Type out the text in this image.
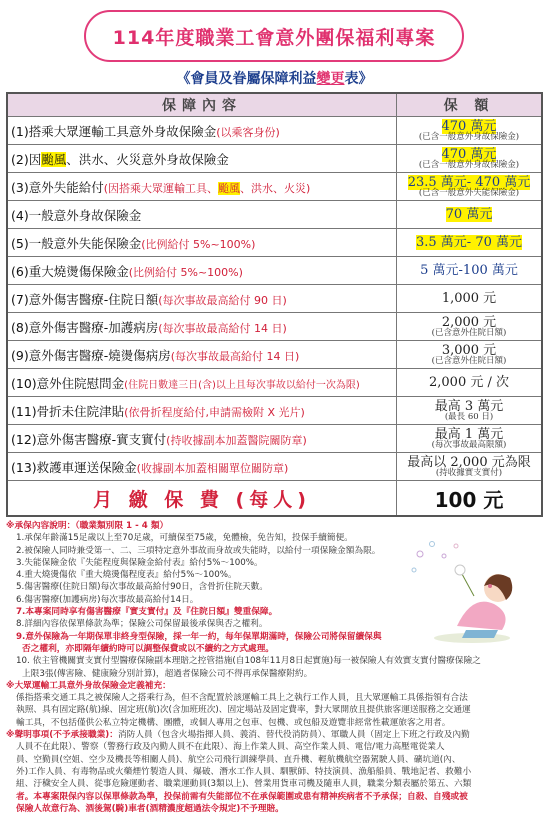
114年度職業工會意外團保福利專案
《會員及眷屬保障利益變更表》
保障內容	保 額
(1)搭乘大眾運輸工具意外身故保險金(以乘客身份)	470 萬元
(已含一般意外身故保險金)

(2)因颱風、洪水、火災意外身故保險金	470 萬元
(已含一般意外身故保險金)

(3)意外失能給付(因搭乘大眾運輸工具、颱風、洪水、火災)	23.5 萬元- 470 萬元
(已含一般意外失能保險金)

(4)一般意外身故保險金	70 萬元
(5)一般意外失能保險金(比例給付 5%~100%)	3.5 萬元- 70 萬元
(6)重大燒燙傷保險金(比例給付 5%~100%)	5 萬元-100 萬元
(7)意外傷害醫療-住院日額(每次事故最高給付 90 日)	1,000 元
(8)意外傷害醫療-加護病房(每次事故最高給付 14 日)	2,000 元
(已含意外住院日額)

(9)意外傷害醫療-燒燙傷病房(每次事故最高給付 14 日)	3,000 元
(已含意外住院日額)

(10)意外住院慰問金(住院日數達三日(含)以上且每次事故以給付一次為限)	2,000 元 / 次
(11)骨折未住院津貼(依骨折程度給付,申請需檢附 X 光片)	最高 3 萬元
(最長 60 日)

(12)意外傷害醫療-實支實付(持收據副本加蓋醫院關防章)	最高 1 萬元
(每次事故最高限額)

(13)救護車運送保險金(收據副本加蓋相關單位關防章)	最高以 2,000 元為限
(持收據實支實付)

月 繳 保 費 (每人)	100 元
※承保內容說明：（職業類別限 1 - 4 類）
1.承保年齡滿15足歲以上至70足歲，可續保至75歲，免體檢，免告知，投保手續簡便。
2.被保險人同時兼受第一、二、三項特定意外事故而身故或失能時，以給付一項保險金額為限。
3.失能保險金依『失能程度與保險金給付表』給付5%～100%。
4.重大燒燙傷依『重大燒燙傷程度表』給付5%～100%。
5.傷害醫療(住院日額)每次事故最高給付90日，含骨折住院天數。
6.傷害醫療(加護病房)每次事故最高給付14日。
7.本專案同時享有傷害醫療『實支實付』及『住院日額』雙重保障。
8.詳細內容依保單條款為準；保險公司保留最後承保與否之權利。
9.意外保險為一年期保單非終身型保險，採一年一約，每年保單期滿時，保險公司將保留續保與
否之權利，亦即隔年續約時可以調整保費或以不續約之方式處理。
10. 依主管機關實支實付型醫療保險副本理賠之控管措施(自108年11月8日起實施)每一被保險人有效實支實付醫療保險之
上限3張(傳害險、健康險分別計算)，超過者保險公司不得再承保醫療附約。
※大眾運輸工具意外身故保險金定義補充：
係指搭乘交通工具之被保險人之搭乘行為，但不含配置於該運輸工具上之執行工作人員，且大眾運輸工具係指領有合法
執照、具有固定路(航)線、固定班(航)次(含加班班次)、固定場站及固定費率，對大眾開放且提供旅客運送服務之交通運
輸工具，不包括僅供公私立特定機構、團體，或個人專用之包車、包機、或包船及遊覽非經常性載運旅客之用者。
※聲明事項(不予承接職業)：消防人員（包含火場指揮人員、義消、替代役消防員）、軍職人員（固定上下班之行政及內勤
人員不在此限）、警察（警務行政及內勤人員不在此限）、海上作業人員、高空作業人員、電信/電力高壓電從業人
員、空勤員(空姐、空少及機長等相關人員)、航空公司飛行訓練學員、直升機、輕航機航空器駕駛人員、礦坑道(內、
外)工作人員、有毒物品或火藥煙竹製造人員、爆破、潛水工作人員、馴獸師、特技演員、漁船船員、戰地記者、救難小
組、汙穢安全人員、從事危險運動者、職業運動員(3類以上)、營業用貨車司機及隨車人員，職業分類表屬於第五、六類
者。本專案限保內容以保單條款為準，投保前需有失能部位不在承保範圍或患有精神疾病者不予承保；自殺、自殘或被
保險人故意行為、酒後駕(騎)車者(酒精濃度超過法令規定)不予理賠。
